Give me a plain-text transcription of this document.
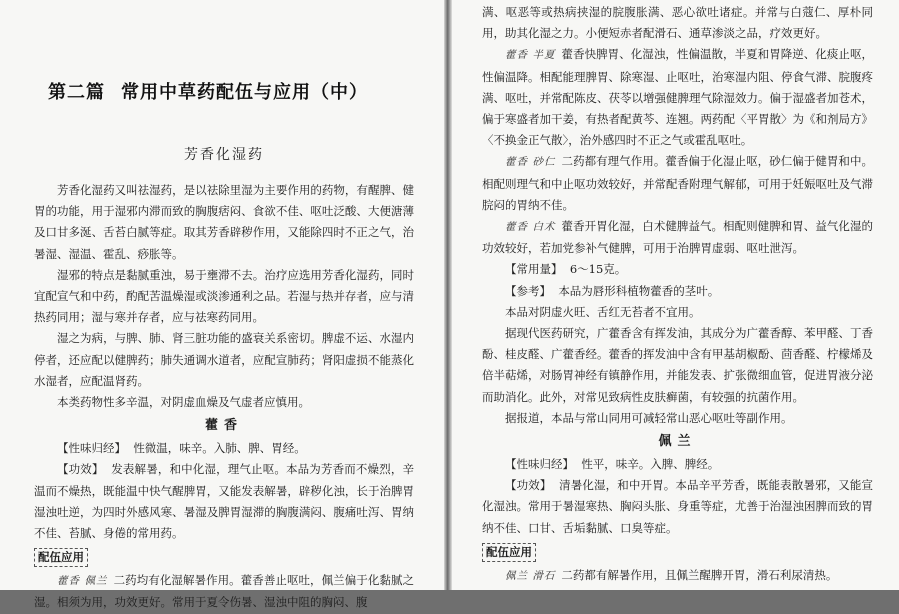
第二篇 常用中草药配伍与应用（中）
芳香化湿药

芳香化湿药又叫祛湿药，是以祛除里湿为主要作用的药物，有醒脾、健胃的功能，用于湿邪内滞而致的胸腹痞闷、食欲不佳、呕吐泛酸、大便溏薄及口甘多涎、舌苔白腻等症。取其芳香辟秽作用，又能除四时不正之气，治暑湿、湿温、霍乱、痧胀等。

湿邪的特点是黏腻重浊，易于壅滞不去。治疗应选用芳香化湿药，同时宜配宣气和中药，酌配苦温燥湿或淡渗通利之品。若湿与热并存者，应与清热药同用；湿与寒并存者，应与祛寒药同用。

湿之为病，与脾、肺、肾三脏功能的盛衰关系密切。脾虚不运、水湿内停者，还应配以健脾药；肺失通调水道者，应配宣肺药；肾阳虚损不能蒸化水湿者，应配温肾药。

本类药物性多辛温，对阴虚血燥及气虚者应慎用。

藿香

【性味归经】 性微温，味辛。入肺、脾、胃经。

【功效】 发表解暑，和中化湿，理气止呕。本品为芳香而不燥烈，辛温而不燥热，既能温中快气醒脾胃，又能发表解暑，辟秽化浊，长于治脾胃湿浊吐逆，为四时外感风寒、暑湿及脾胃湿滞的胸腹满闷、腹痛吐泻、胃纳不佳、苔腻、身倦的常用药。

配伍应用

藿香 佩兰 二药均有化湿解暑作用。藿香善止呕吐，佩兰偏于化黏腻之湿。相须为用，功效更好。常用于夏令伤暑、湿浊中阻的胸闷、腹

满、呕恶等或热病挟湿的脘腹胀满、恶心欲吐诸症。并常与白蔻仁、厚朴同用，助其化湿之力。小便短赤者配滑石、通草渗淡之品，疗效更好。

藿香 半夏 藿香快脾胃、化湿浊，性偏温散，半夏和胃降逆、化痰止呕，性偏温降。相配能理脾胃、除寒湿、止呕吐，治寒湿内阻、停食气滞、脘腹疼满、呕吐，并常配陈皮、茯苓以增强健脾理气除湿效力。偏于湿盛者加苍术，偏于寒盛者加干姜，有热者配黄芩、连翘。两药配〈平胃散〉为《和剂局方》〈不换金正气散〉，治外感四时不正之气或霍乱呕吐。

藿香 砂仁 二药都有理气作用。藿香偏于化湿止呕，砂仁偏于健胃和中。相配则理气和中止呕功效较好，并常配香附理气解郁，可用于妊娠呕吐及气滞脘闷的胃纳不佳。

藿香 白术 藿香开胃化湿，白术健脾益气。相配则健脾和胃、益气化湿的功效较好，若加党参补气健脾，可用于治脾胃虚弱、呕吐泄泻。

【常用量】 6～15克。

【参考】 本品为唇形科植物藿香的茎叶。

本品对阴虚火旺、舌红无苔者不宜用。

据现代医药研究，广藿香含有挥发油，其成分为广藿香醇、苯甲醛、丁香酚、桂皮醛、广藿香经。藿香的挥发油中含有甲基胡椒酚、茴香醛、柠檬烯及倍半萜烯，对肠胃神经有镇静作用，并能发表、扩张微细血管，促进胃液分泌而助消化。此外，对常见致病性皮肤癣菌，有较强的抗菌作用。

据报道，本品与常山同用可减轻常山恶心呕吐等副作用。

佩兰

【性味归经】 性平，味辛。入脾、脾经。

【功效】 清暑化湿，和中开胃。本品辛平芳香，既能表散暑邪，又能宣化湿浊。常用于暑湿寒热、胸闷头胀、身重等症，尤善于治湿浊困脾而致的胃纳不佳、口甘、舌垢黏腻、口臭等症。

配伍应用

佩兰 滑石 二药都有解暑作用，且佩兰醒脾开胃，滑石利尿清热。
